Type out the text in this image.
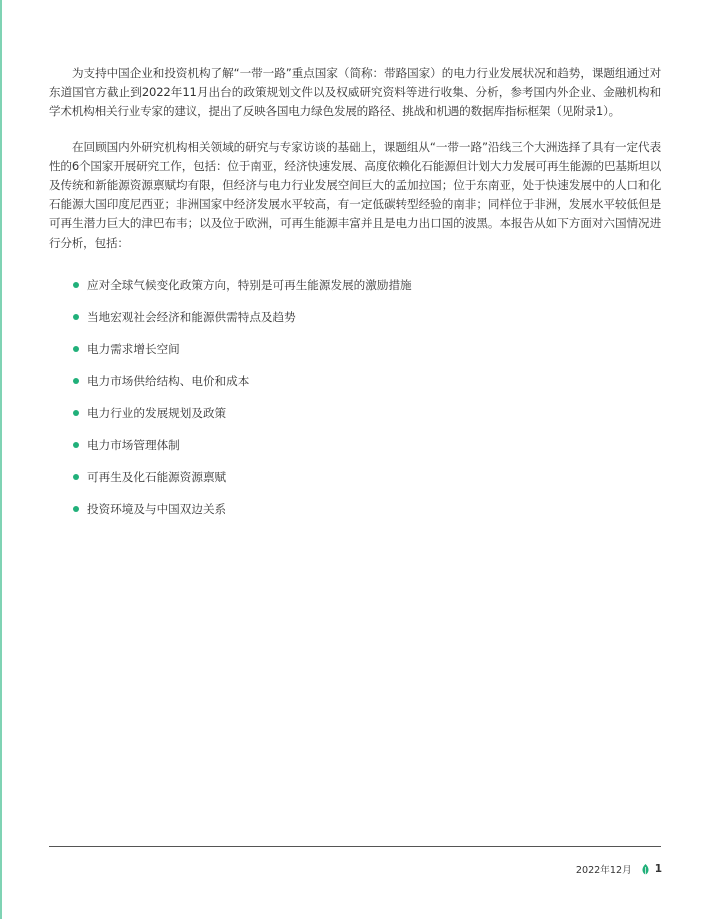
为支持中国企业和投资机构了解“一带一路”重点国家（简称：带路国家）的电力行业发展状况和趋势，课题组通过对东道国官方截止到2022年11月出台的政策规划文件以及权威研究资料等进行收集、分析，参考国内外企业、金融机构和学术机构相关行业专家的建议，提出了反映各国电力绿色发展的路径、挑战和机遇的数据库指标框架（见附录1）。

在回顾国内外研究机构相关领域的研究与专家访谈的基础上，课题组从“一带一路”沿线三个大洲选择了具有一定代表性的6个国家开展研究工作，包括：位于南亚，经济快速发展、高度依赖化石能源但计划大力发展可再生能源的巴基斯坦以及传统和新能源资源禀赋均有限，但经济与电力行业发展空间巨大的孟加拉国；位于东南亚，处于快速发展中的人口和化石能源大国印度尼西亚；非洲国家中经济发展水平较高，有一定低碳转型经验的南非；同样位于非洲，发展水平较低但是可再生潜力巨大的津巴布韦；以及位于欧洲，可再生能源丰富并且是电力出口国的波黑。本报告从如下方面对六国情况进行分析，包括：

应对全球气候变化政策方向，特别是可再生能源发展的激励措施
当地宏观社会经济和能源供需特点及趋势
电力需求增长空间
电力市场供给结构、电价和成本
电力行业的发展规划及政策
电力市场管理体制
可再生及化石能源资源禀赋
投资环境及与中国双边关系
2022年12月 1
